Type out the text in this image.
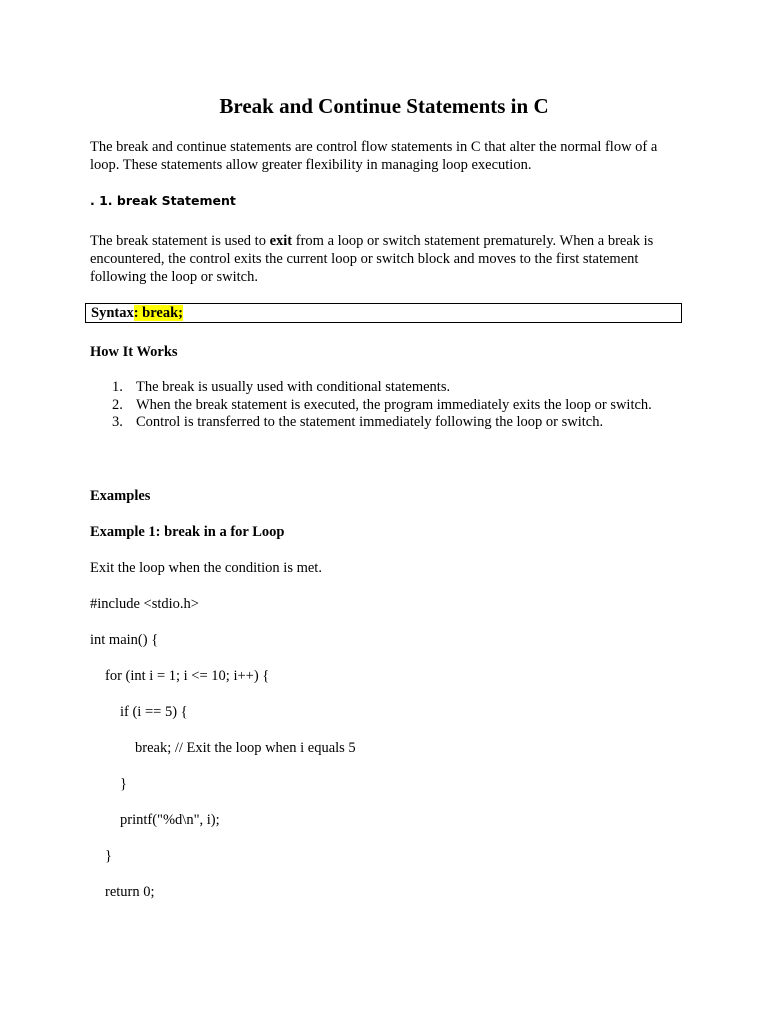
Break and Continue Statements in C
The break and continue statements are control flow statements in C that alter the normal flow of a loop. These statements allow greater flexibility in managing loop execution.
. 1. break Statement
The break statement is used to exit from a loop or switch statement prematurely. When a break is encountered, the control exits the current loop or switch block and moves to the first statement following the loop or switch.
Syntax: break;
How It Works
1. The break is usually used with conditional statements.
2. When the break statement is executed, the program immediately exits the loop or switch.
3. Control is transferred to the statement immediately following the loop or switch.
Examples
Example 1: break in a for Loop
Exit the loop when the condition is met.
#include <stdio.h>
int main() {
for (int i = 1; i <= 10; i++) {
if (i == 5) {
break; // Exit the loop when i equals 5
}
printf("%d\n", i);
}
return 0;
